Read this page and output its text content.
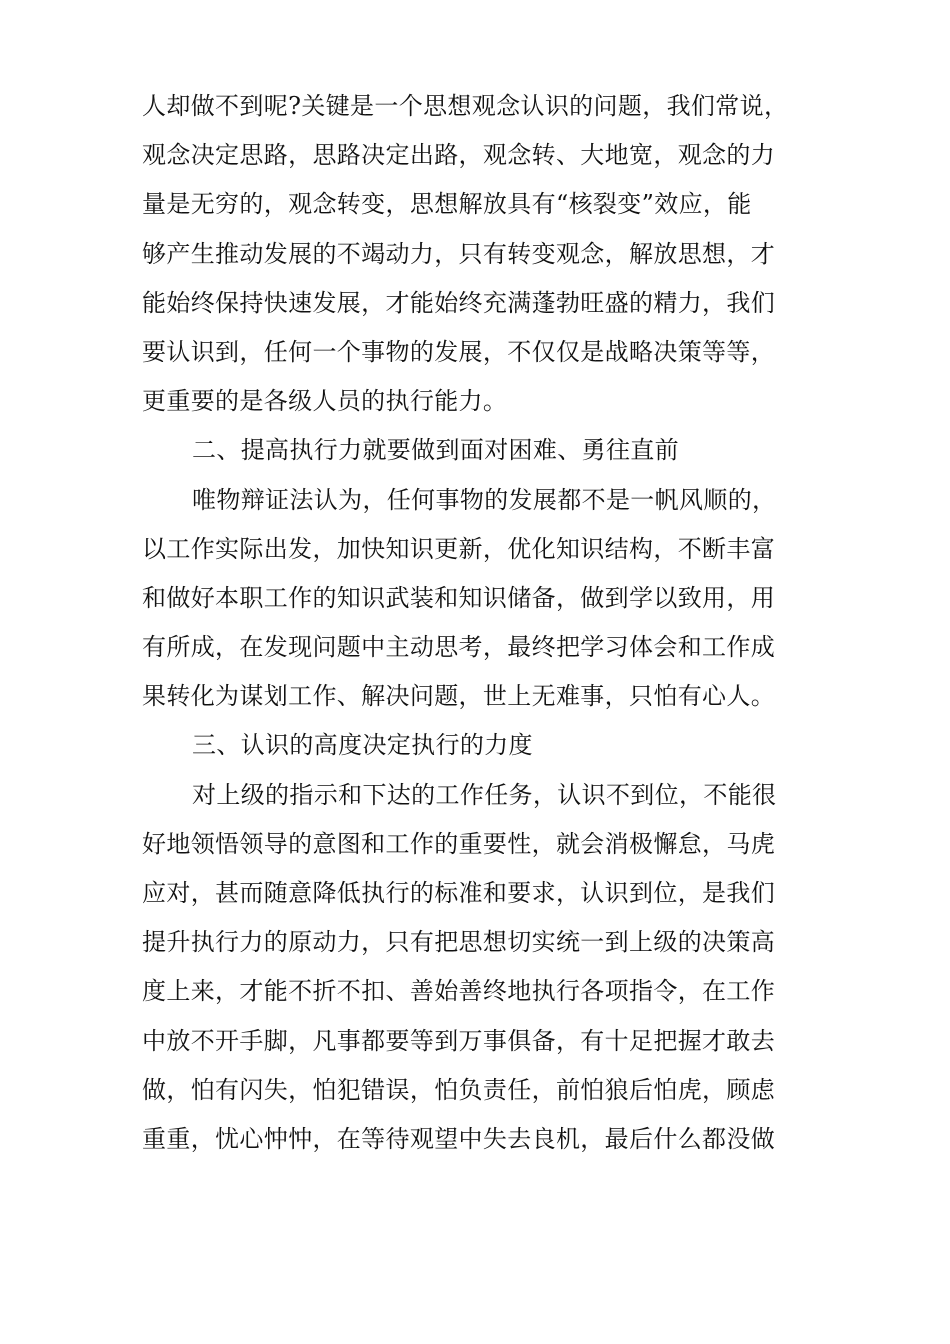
人却做不到呢?关键是一个思想观念认识的问题，我们常说，
观念决定思路，思路决定出路，观念转、大地宽，观念的力
量是无穷的，观念转变，思想解放具有“核裂变”效应，能
够产生推动发展的不竭动力，只有转变观念，解放思想，才
能始终保持快速发展，才能始终充满蓬勃旺盛的精力，我们
要认识到，任何一个事物的发展，不仅仅是战略决策等等，
更重要的是各级人员的执行能力。
二、提高执行力就要做到面对困难、勇往直前
唯物辩证法认为，任何事物的发展都不是一帆风顺的，
以工作实际出发，加快知识更新，优化知识结构，不断丰富
和做好本职工作的知识武装和知识储备，做到学以致用，用
有所成，在发现问题中主动思考，最终把学习体会和工作成
果转化为谋划工作、解决问题，世上无难事，只怕有心人。
三、认识的高度决定执行的力度
对上级的指示和下达的工作任务，认识不到位，不能很
好地领悟领导的意图和工作的重要性，就会消极懈怠，马虎
应对，甚而随意降低执行的标准和要求，认识到位，是我们
提升执行力的原动力，只有把思想切实统一到上级的决策高
度上来，才能不折不扣、善始善终地执行各项指令，在工作
中放不开手脚，凡事都要等到万事俱备，有十足把握才敢去
做，怕有闪失，怕犯错误，怕负责任，前怕狼后怕虎，顾虑
重重，忧心忡忡，在等待观望中失去良机，最后什么都没做
